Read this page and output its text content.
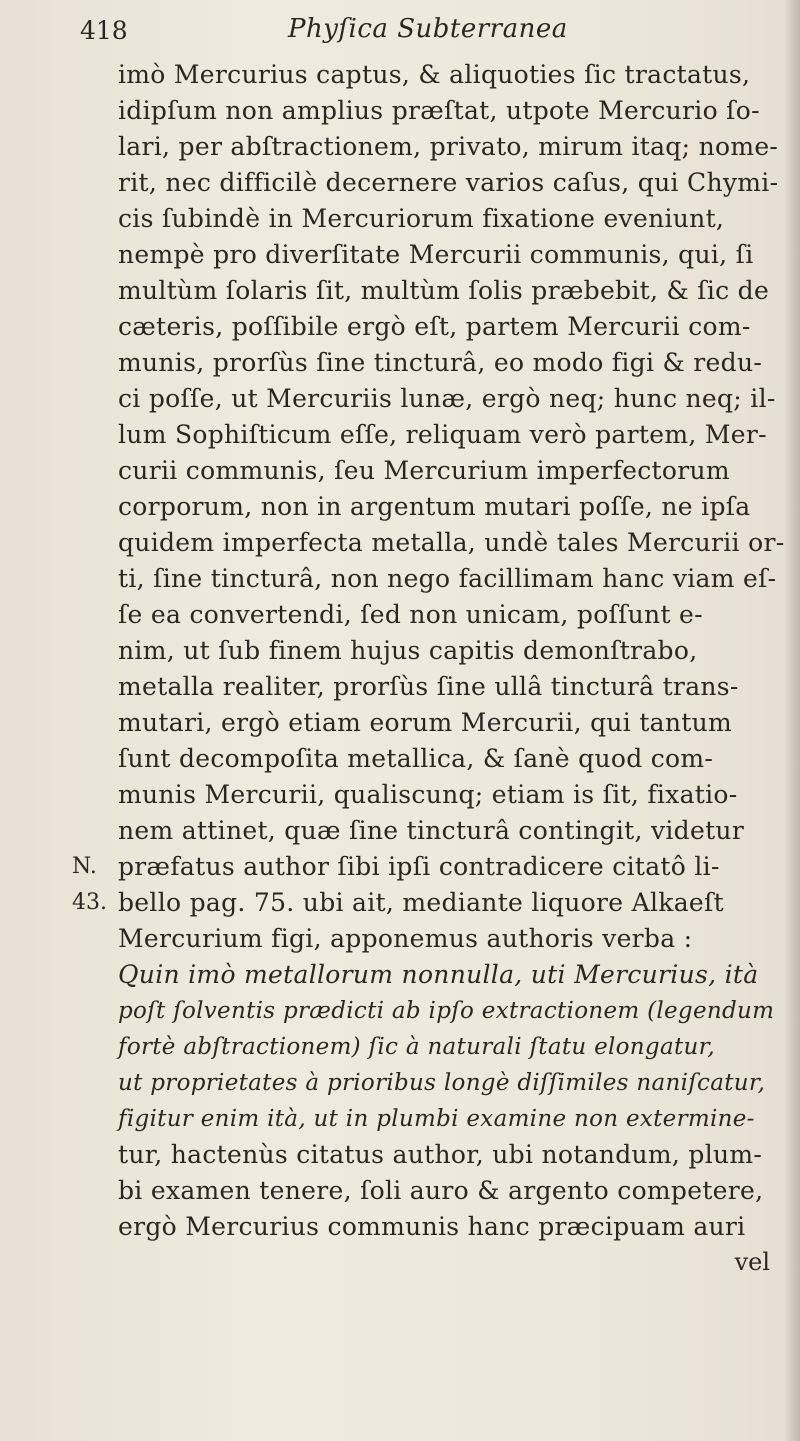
418	Phyſica Subterranea
imò Mercurius captus, & aliquoties ſic tractatus,
idipſum non amplius præſtat, utpote Mercurio ſo-
lari, per abſtractionem, privato, mirum itaq; nome-
rit, nec difficilè decernere varios caſus, qui Chymi-
cis ſubindè in Mercuriorum fixatione eveniunt,
nempè pro diverſitate Mercurii communis, qui, ſi
multùm ſolaris ſit, multùm ſolis præbebit, & ſic de
cæteris, poſſibile ergò eſt, partem Mercurii com-
munis, prorſùs ſine tincturâ, eo modo figi & redu-
ci poſſe, ut Mercuriis lunæ, ergò neq; hunc neq; il-
lum Sophiſticum eſſe, reliquam verò partem, Mer-
curii communis, ſeu Mercurium imperfectorum
corporum, non in argentum mutari poſſe, ne ipſa
quidem imperfecta metalla, undè tales Mercurii or-
ti, ſine tincturâ, non nego facillimam hanc viam eſ-
ſe ea convertendi, ſed non unicam, poſſunt e-
nim, ut ſub finem hujus capitis demonſtrabo,
metalla realiter, prorſùs ſine ullâ tincturâ trans-
mutari, ergò etiam eorum Mercurii, qui tantum
ſunt decompoſita metallica, & ſanè quod com-
munis Mercurii, qualiscunq; etiam is ſit, fixatio-
nem attinet, quæ ſine tincturâ contingit, videtur
præfatus author ſibi ipſi contradicere citatô li-
bello pag. 75. ubi ait, mediante liquore Alkaeſt
Mercurium figi, apponemus authoris verba :
Quin imò metallorum nonnulla, uti Mercurius, ità
poſt ſolventis prædicti ab ipſo extractionem (legendum
fortè abſtractionem) ſic à naturali ſtatu elongatur,
ut proprietates à prioribus longè diſſimiles naniſcatur,
figitur enim ità, ut in plumbi examine non extermine-
tur, hactenùs citatus author, ubi notandum, plum-
bi examen tenere, ſoli auro & argento competere,
ergò Mercurius communis hanc præcipuam auri
vel
N.
43.
